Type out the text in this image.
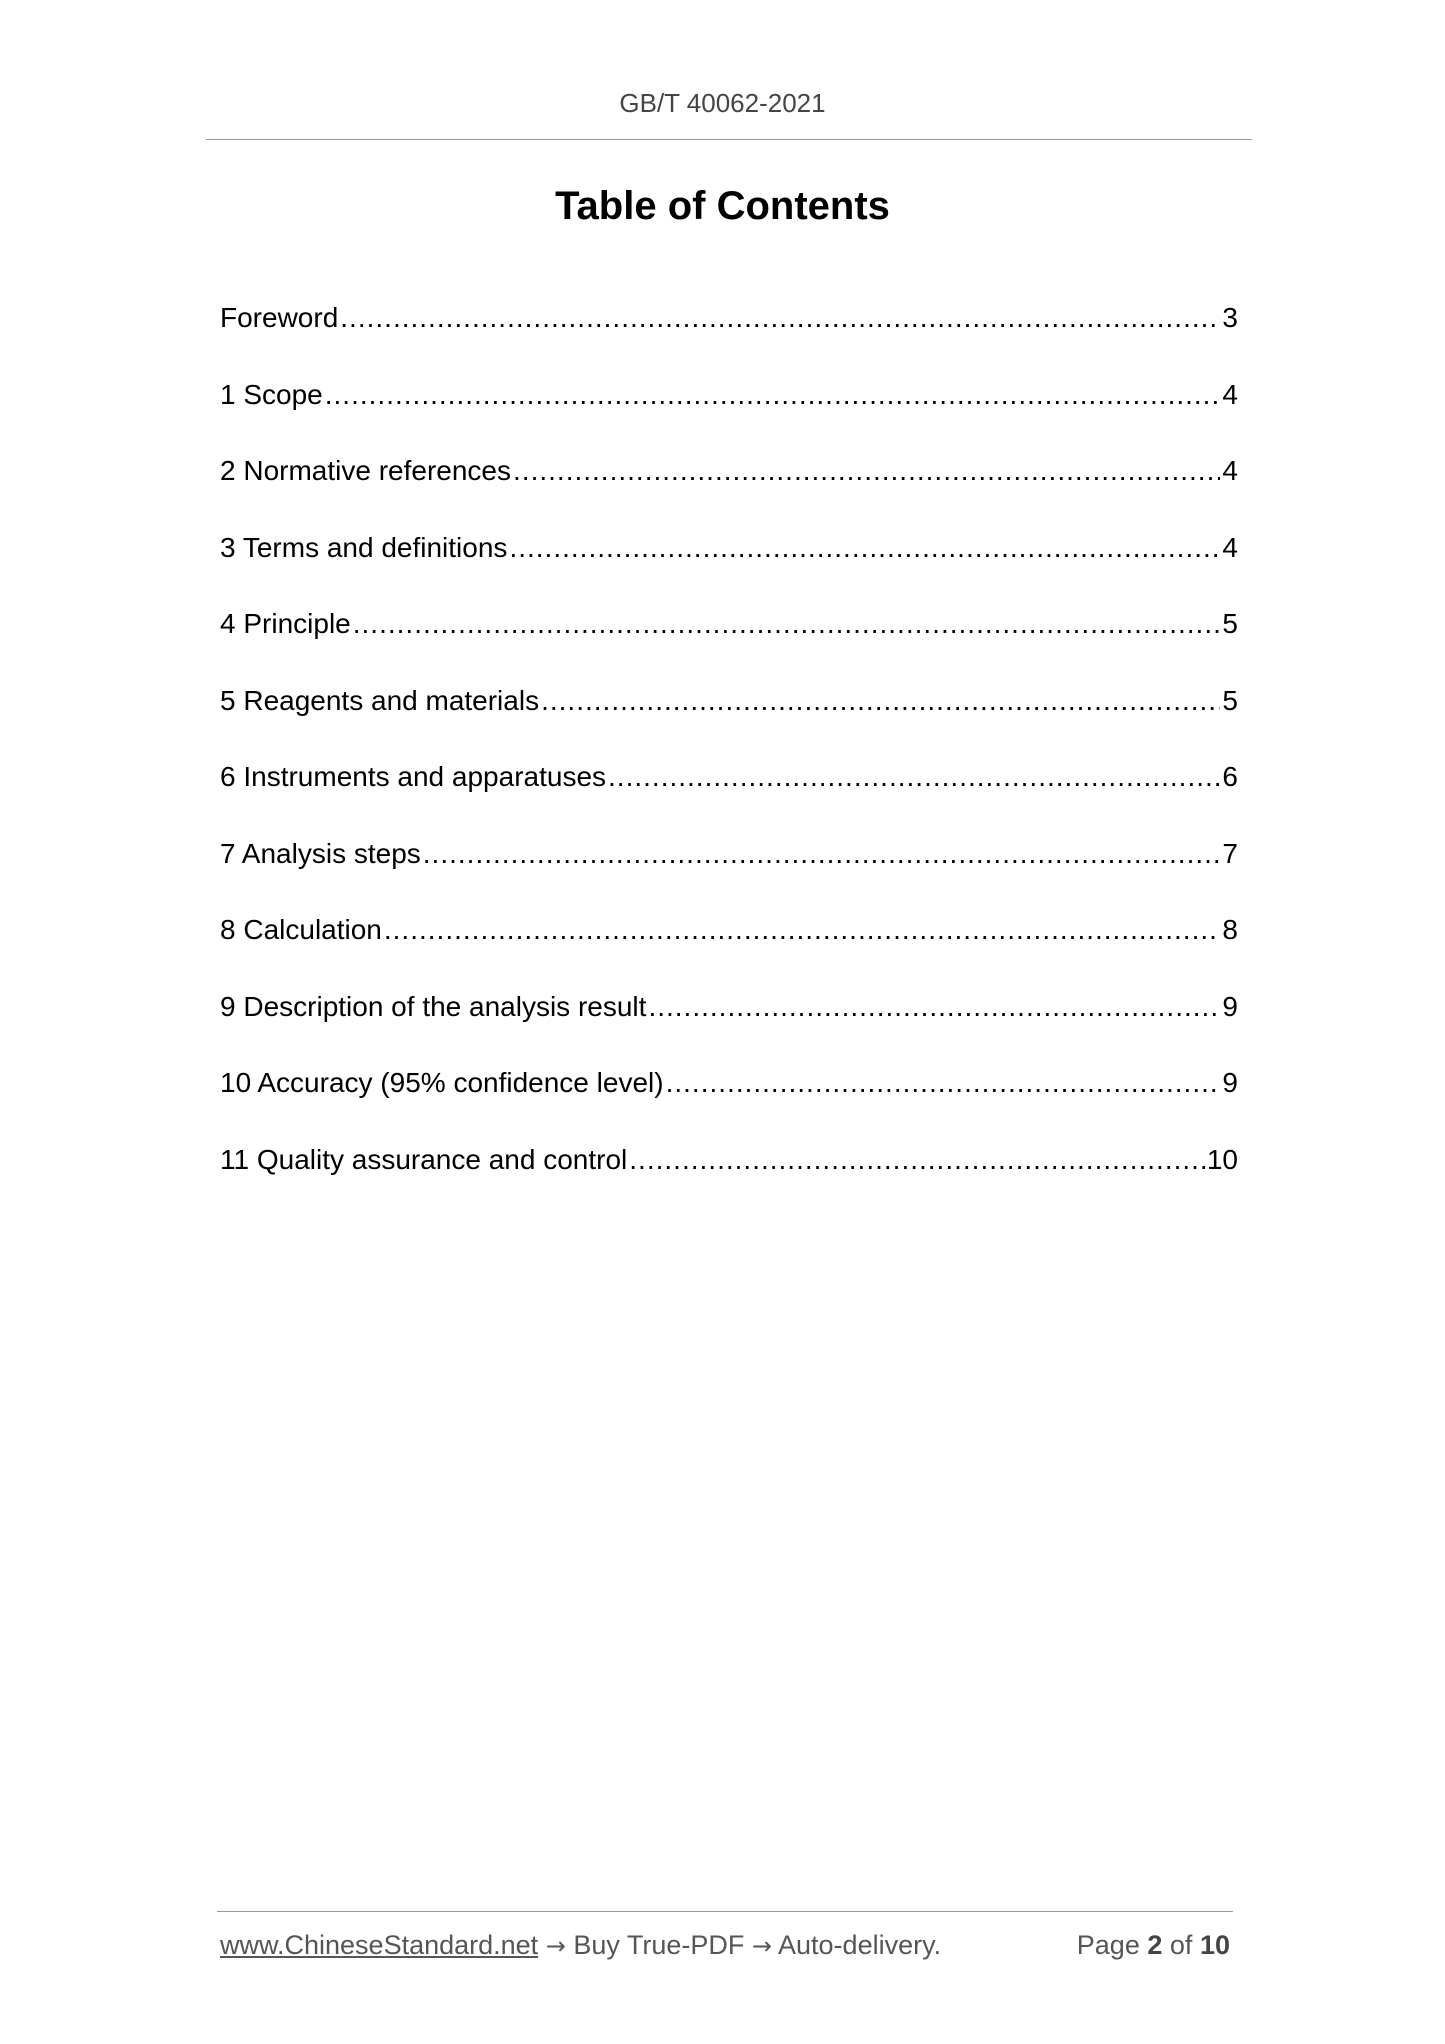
GB/T 40062-2021
Table of Contents
Foreword .....	3
1 Scope .....	4
2 Normative references .....	4
3 Terms and definitions .....	4
4 Principle .....	5
5 Reagents and materials .....	5
6 Instruments and apparatuses .....	6
7 Analysis steps .....	7
8 Calculation .....	8
9 Description of the analysis result .....	9
10 Accuracy (95% confidence level) .....	9
11 Quality assurance and control .....	10
www.ChineseStandard.net → Buy True-PDF → Auto-delivery.	Page 2 of 10
